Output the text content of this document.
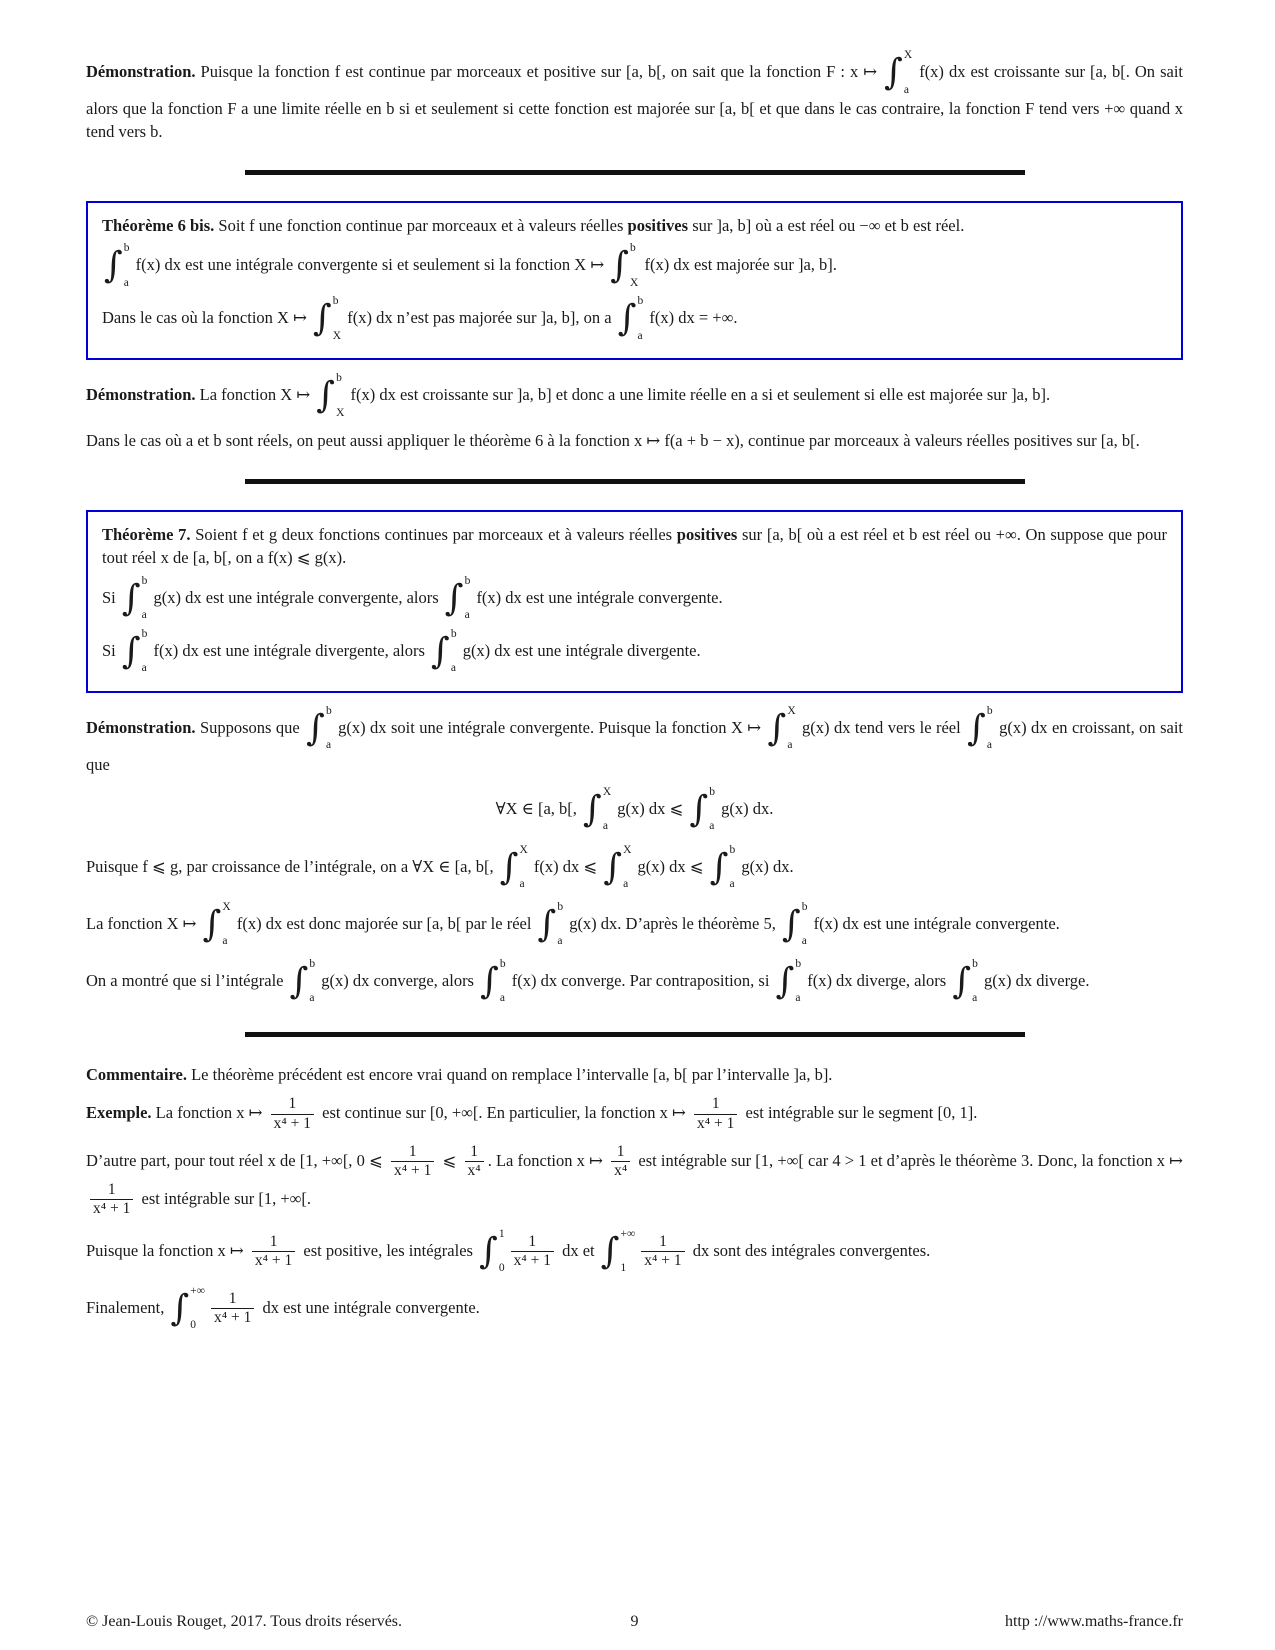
Démonstration. Puisque la fonction f est continue par morceaux et positive sur [a, b[, on sait que la fonction F : x ↦ ∫ X
a
f(x) dx est croissante sur [a, b[. On sait alors que la fonction F a une limite réelle en b si et seulement si cette fonction est majorée sur [a, b[ et que dans le cas contraire, la fonction F tend vers +∞ quand x tend vers b.
Théorème 6 bis. Soit f une fonction continue par morceaux et à valeurs réelles positives sur ]a, b] où a est réel ou −∞ et b est réel.
∫ b
a
f(x) dx est une intégrale convergente si et seulement si la fonction X ↦ ∫ b
X
f(x) dx est majorée sur ]a, b].
Dans le cas où la fonction X ↦ ∫ b
X
f(x) dx n’est pas majorée sur ]a, b], on a ∫ b
a
f(x) dx = +∞.
Démonstration. La fonction X ↦ ∫ b
X
f(x) dx est croissante sur ]a, b] et donc a une limite réelle en a si et seulement si elle est majorée sur ]a, b].
Dans le cas où a et b sont réels, on peut aussi appliquer le théorème 6 à la fonction x ↦ f(a + b − x), continue par morceaux à valeurs réelles positives sur [a, b[.
Théorème 7. Soient f et g deux fonctions continues par morceaux et à valeurs réelles positives sur [a, b[ où a est réel et b est réel ou +∞. On suppose que pour tout réel x de [a, b[, on a f(x) ⩽ g(x).
Si ∫ b
a
g(x) dx est une intégrale convergente, alors ∫ b
a
f(x) dx est une intégrale convergente.
Si ∫ b
a
f(x) dx est une intégrale divergente, alors ∫ b
a
g(x) dx est une intégrale divergente.
Démonstration. Supposons que ∫ b
a
g(x) dx soit une intégrale convergente. Puisque la fonction X ↦ ∫ X
a
g(x) dx tend vers le réel ∫ b
a
g(x) dx en croissant, on sait que
∀X ∈ [a, b[, ∫ X
a
g(x) dx ⩽ ∫ b
a
g(x) dx.
Puisque f ⩽ g, par croissance de l’intégrale, on a ∀X ∈ [a, b[, ∫ X
a
f(x) dx ⩽ ∫ X
a
g(x) dx ⩽ ∫ b
a
g(x) dx.
La fonction X ↦ ∫ X
a
f(x) dx est donc majorée sur [a, b[ par le réel ∫ b
a
g(x) dx. D’après le théorème 5, ∫ b
a
f(x) dx est une intégrale convergente.
On a montré que si l’intégrale ∫ b
a
g(x) dx converge, alors ∫ b
a
f(x) dx converge. Par contraposition, si ∫ b
a
f(x) dx diverge, alors ∫ b
a
g(x) dx diverge.
Commentaire. Le théorème précédent est encore vrai quand on remplace l’intervalle [a, b[ par l’intervalle ]a, b].
Exemple. La fonction x ↦ $\frac{1}{\text{x⁴ + 1}}$ est continue sur [0, +∞[. En particulier, la fonction x ↦ $\frac{1}{\text{x⁴ + 1}}$ est intégrable sur le segment [0, 1].
D’autre part, pour tout réel x de [1, +∞[, 0 ⩽ $\frac{1}{\text{x⁴ + 1}}$ ⩽ $\frac{1}{\text{x⁴}}$ . La fonction x ↦ $\frac{1}{\text{x⁴}}$ est intégrable sur [1, +∞[ car 4 > 1 et d’après le théorème 3. Donc, la fonction x ↦
$\frac{1}{\text{x⁴ + 1}}$ est intégrable sur [1, +∞[.
Puisque la fonction x ↦ $\frac{1}{\text{x⁴ + 1}}$ est positive, les intégrales ∫ 1
$0 \frac{1}{\text{x⁴ + 1}}$ dx et ∫ +∞
$1 \frac{1}{\text{x⁴ + 1}}$ dx sont des intégrales convergentes.
Finalement, ∫ +∞
$0 \frac{1}{\text{x⁴ + 1}}$ dx est une intégrale convergente.
© Jean-Louis Rouget, 2017. Tous droits réservés.	9	http ://www.maths-france.fr
